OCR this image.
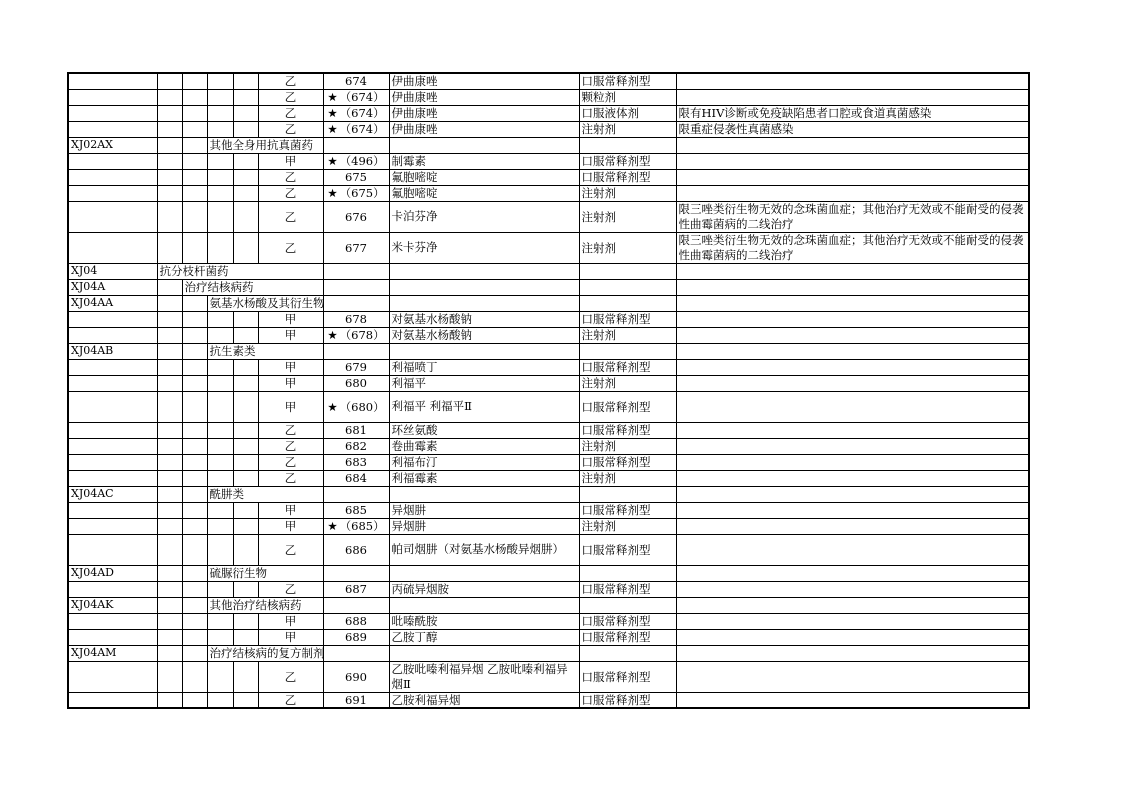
					乙	674	伊曲康唑	口服常释剂型	
					乙	★ （674）	伊曲康唑	颗粒剂	
					乙	★ （674）	伊曲康唑	口服液体剂	限有HIV诊断或免疫缺陷患者口腔或食道真菌感染
					乙	★ （674）	伊曲康唑	注射剂	限重症侵袭性真菌感染
XJ02AX			其他全身用抗真菌药						
					甲	★ （496）	制霉素	口服常释剂型	
					乙	675	氟胞嘧啶	口服常释剂型	
					乙	★ （675）	氟胞嘧啶	注射剂	
					乙	676	卡泊芬净	注射剂	限三唑类衍生物无效的念珠菌血症；其他治疗无效或不能耐受的侵袭性曲霉菌病的二线治疗
					乙	677	米卡芬净	注射剂	限三唑类衍生物无效的念珠菌血症；其他治疗无效或不能耐受的侵袭性曲霉菌病的二线治疗
XJ04	抗分枝杆菌药								
XJ04A		治疗结核病药							
XJ04AA			氨基水杨酸及其衍生物						
					甲	678	对氨基水杨酸钠	口服常释剂型	
					甲	★ （678）	对氨基水杨酸钠	注射剂	
XJ04AB			抗生素类						
					甲	679	利福喷丁	口服常释剂型	
					甲	680	利福平	注射剂	
					甲	★ （680）	利福平 利福平Ⅱ	口服常释剂型	
					乙	681	环丝氨酸	口服常释剂型	
					乙	682	卷曲霉素	注射剂	
					乙	683	利福布汀	口服常释剂型	
					乙	684	利福霉素	注射剂	
XJ04AC			酰肼类						
					甲	685	异烟肼	口服常释剂型	
					甲	★ （685）	异烟肼	注射剂	
					乙	686	帕司烟肼（对氨基水杨酸异烟肼）	口服常释剂型	
XJ04AD			硫脲衍生物						
					乙	687	丙硫异烟胺	口服常释剂型	
XJ04AK			其他治疗结核病药						
					甲	688	吡嗪酰胺	口服常释剂型	
					甲	689	乙胺丁醇	口服常释剂型	
XJ04AM			治疗结核病的复方制剂						
					乙	690	乙胺吡嗪利福异烟 乙胺吡嗪利福异烟Ⅱ	口服常释剂型	
					乙	691	乙胺利福异烟	口服常释剂型	
